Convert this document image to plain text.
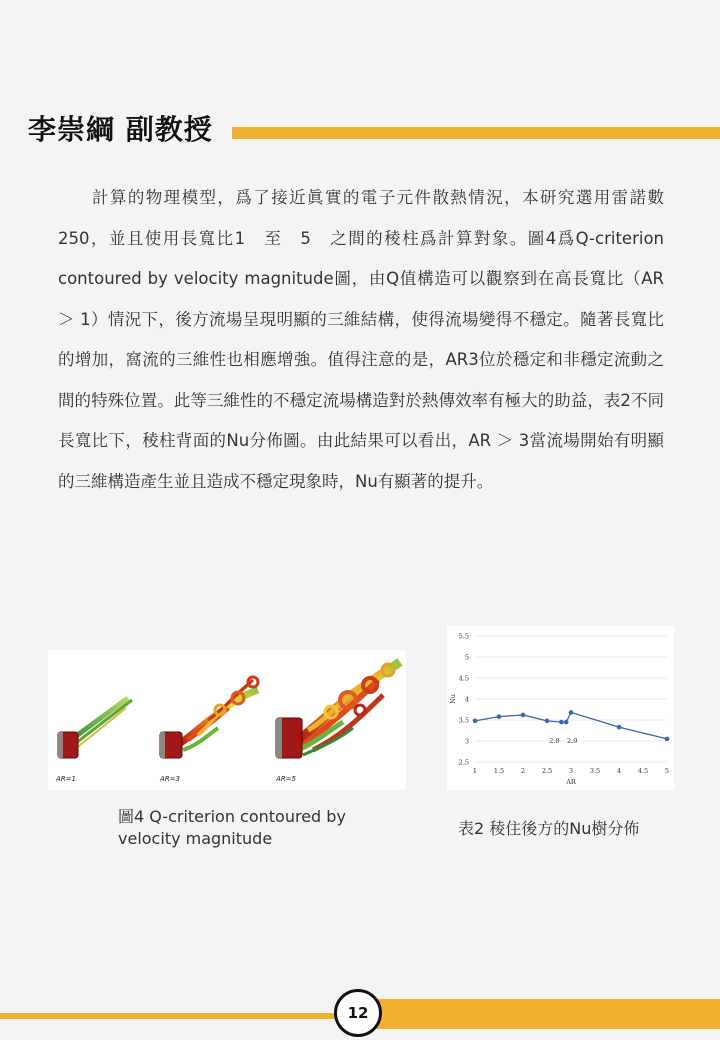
李崇綱 副教授

計算的物理模型，爲了接近眞實的電子元件散熱情況，本研究選用雷諾數250，並且使用長寬比1　至　5　之間的稜柱爲計算對象。圖4爲Q-criterion contoured by velocity magnitude圖，由Q值構造可以觀察到在高長寬比（AR ＞ 1）情況下，後方流場呈現明顯的三維結構，使得流場變得不穩定。隨著長寬比的增加，窩流的三維性也相應增強。值得注意的是，AR3位於穩定和非穩定流動之間的特殊位置。此等三維性的不穩定流場構造對於熱傳效率有極大的助益，表2不同長寬比下，稜柱背面的Nu分佈圖。由此結果可以看出，AR ＞ 3當流場開始有明顯的三維構造產生並且造成不穩定現象時，Nu有顯著的提升。

AR=1	AR=3	AR=5
圖4 Q-criterion contoured by
velocity magnitude
2.5
3
3.5
4
4.5
5
5.5
1	1.5	2	2.5	3	3.5	4	4.5	5
AR
Nu
2.8 2.9
表2 稜住後方的Nu樹分佈
12
